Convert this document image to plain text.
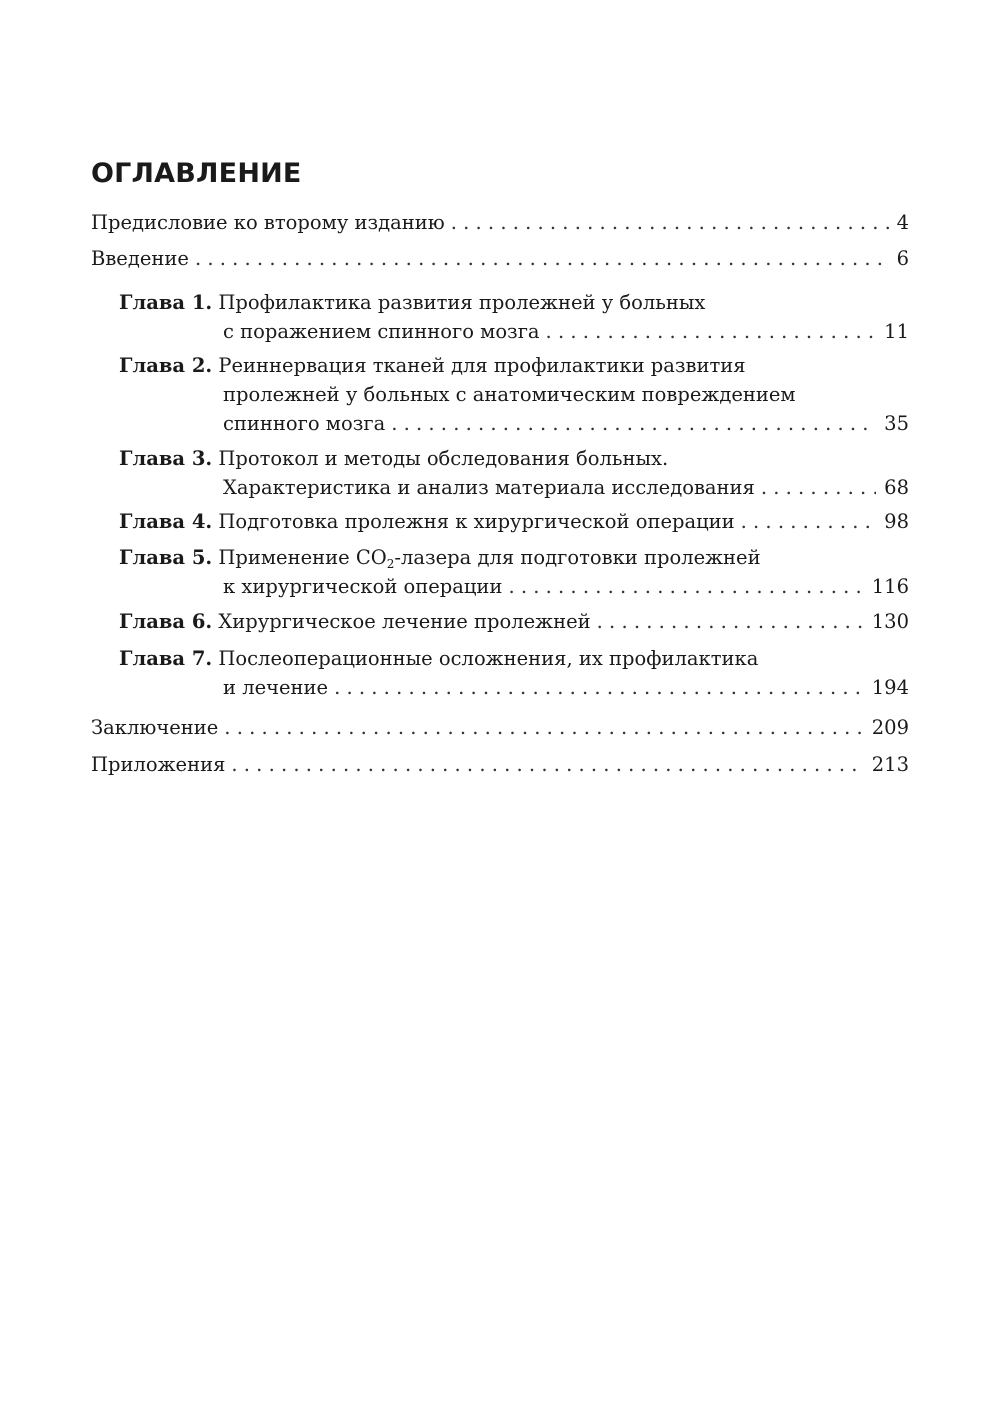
ОГЛАВЛЕНИЕ
Предисловие ко второму изданию . . .	4
Введение . . .	6
Глава 1.
Профилактика развития пролежней у больных
с поражением спинного мозга . . .	11
Глава 2.
Реиннервация тканей для профилактики развития
пролежней у больных с анатомическим повреждением
спинного мозга . . .	35
Глава 3.
Протокол и методы обследования больных.
Характеристика и анализ материала исследования . . .	68
Глава 4.
Подготовка пролежня к хирургической операции . . .	98
Глава 5.
Применение $СО_2$-лазера для подготовки пролежней
к хирургической операции . . .	116
Глава 6.
Хирургическое лечение пролежней . . .	130
Глава 7.
Послеоперационные осложнения, их профилактика
и лечение . . .	194
Заключение . . .	209
Приложения . . .	213
